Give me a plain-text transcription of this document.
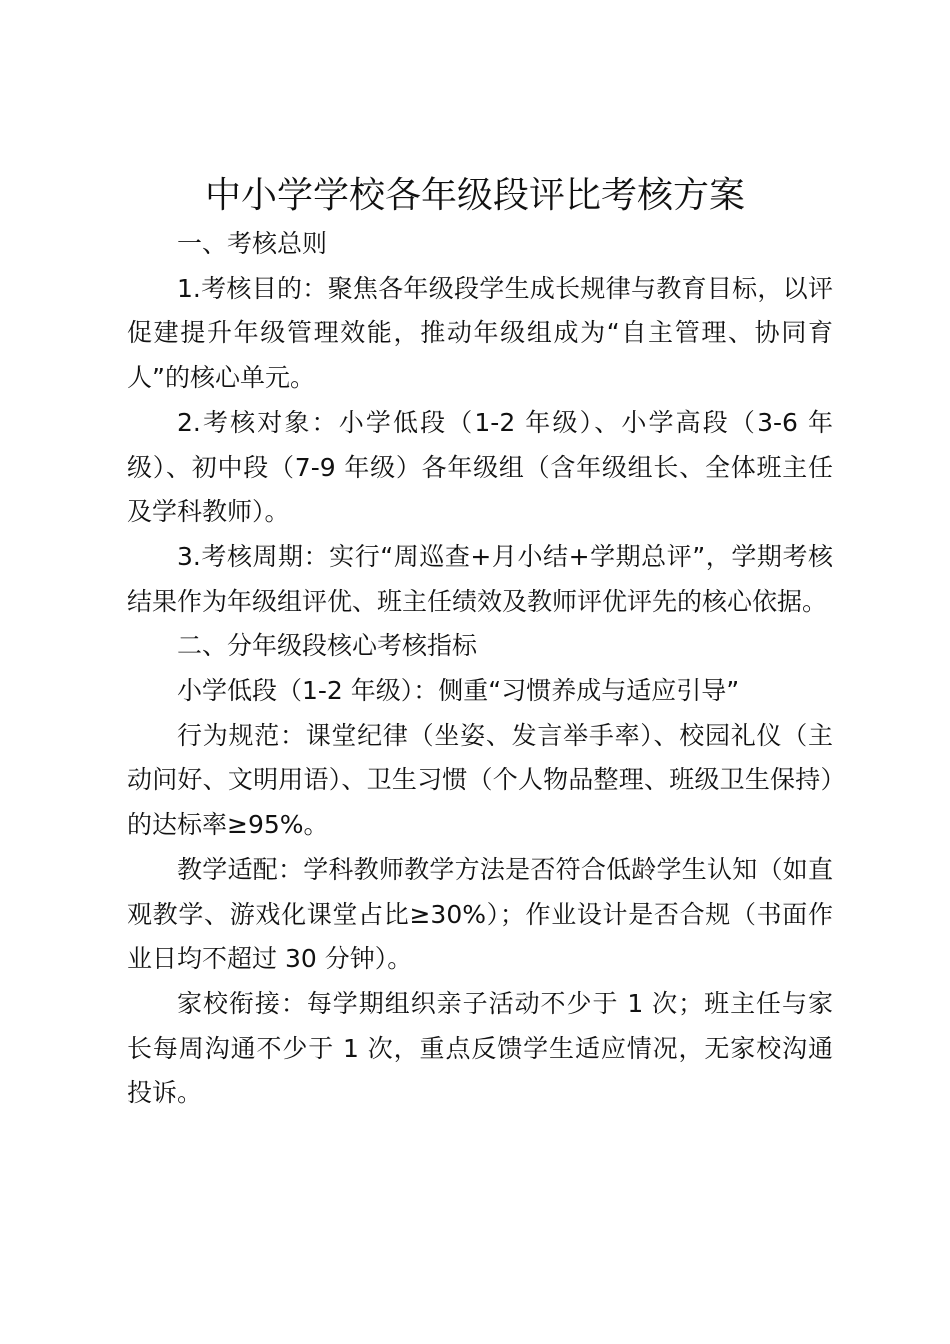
中小学学校各年级段评比考核方案

一、考核总则

1.考核目的：聚焦各年级段学生成长规律与教育目标，以评促建提升年级管理效能，推动年级组成为“自主管理、协同育人”的核心单元。

2.考核对象：小学低段（1-2 年级）、小学高段（3-6 年级）、初中段（7-9 年级）各年级组（含年级组长、全体班主任及学科教师）。

3.考核周期：实行“周巡查+月小结+学期总评”，学期考核结果作为年级组评优、班主任绩效及教师评优评先的核心依据。

二、分年级段核心考核指标

小学低段（1-2 年级）：侧重“习惯养成与适应引导”

行为规范：课堂纪律（坐姿、发言举手率）、校园礼仪（主动问好、文明用语）、卫生习惯（个人物品整理、班级卫生保持）的达标率≥95%。

教学适配：学科教师教学方法是否符合低龄学生认知（如直观教学、游戏化课堂占比≥30%）；作业设计是否合规（书面作业日均不超过 30 分钟）。

家校衔接：每学期组织亲子活动不少于 1 次；班主任与家长每周沟通不少于 1 次，重点反馈学生适应情况，无家校沟通投诉。
